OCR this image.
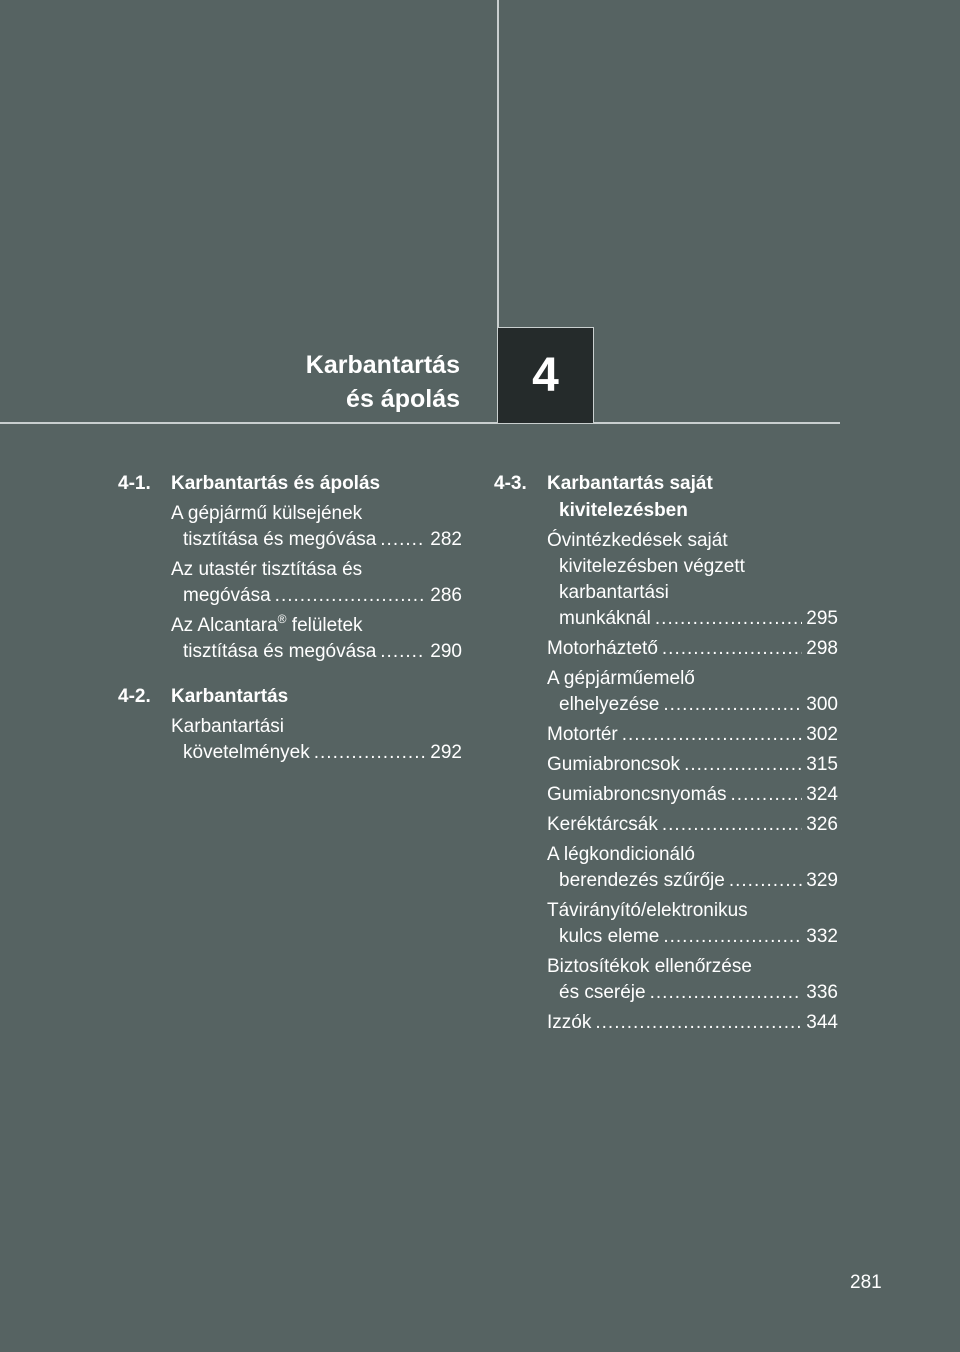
Karbantartás
és ápolás 4
4-1.	Karbantartás és ápolás
A gépjármű külsejének
tisztítása és megóvása .....	282
Az utastér tisztítása és
megóvása .....	286
Az Alcantara® felületek
tisztítása és megóvása .....	290
4-2.	Karbantartás
Karbantartási
követelmények .....	292
4-3.	Karbantartás saját
kivitelezésben
Óvintézkedések saját
kivitelezésben végzett
karbantartási
munkáknál .....	295
Motorháztető .....	298
A gépjárműemelő
elhelyezése .....	300
Motortér .....	302
Gumiabroncsok .....	315
Gumiabroncsnyomás .....	324
Keréktárcsák .....	326
A légkondicionáló
berendezés szűrője .....	329
Távirányító/elektronikus
kulcs eleme .....	332
Biztosítékok ellenőrzése
és cseréje .....	336
Izzók .....	344
281
